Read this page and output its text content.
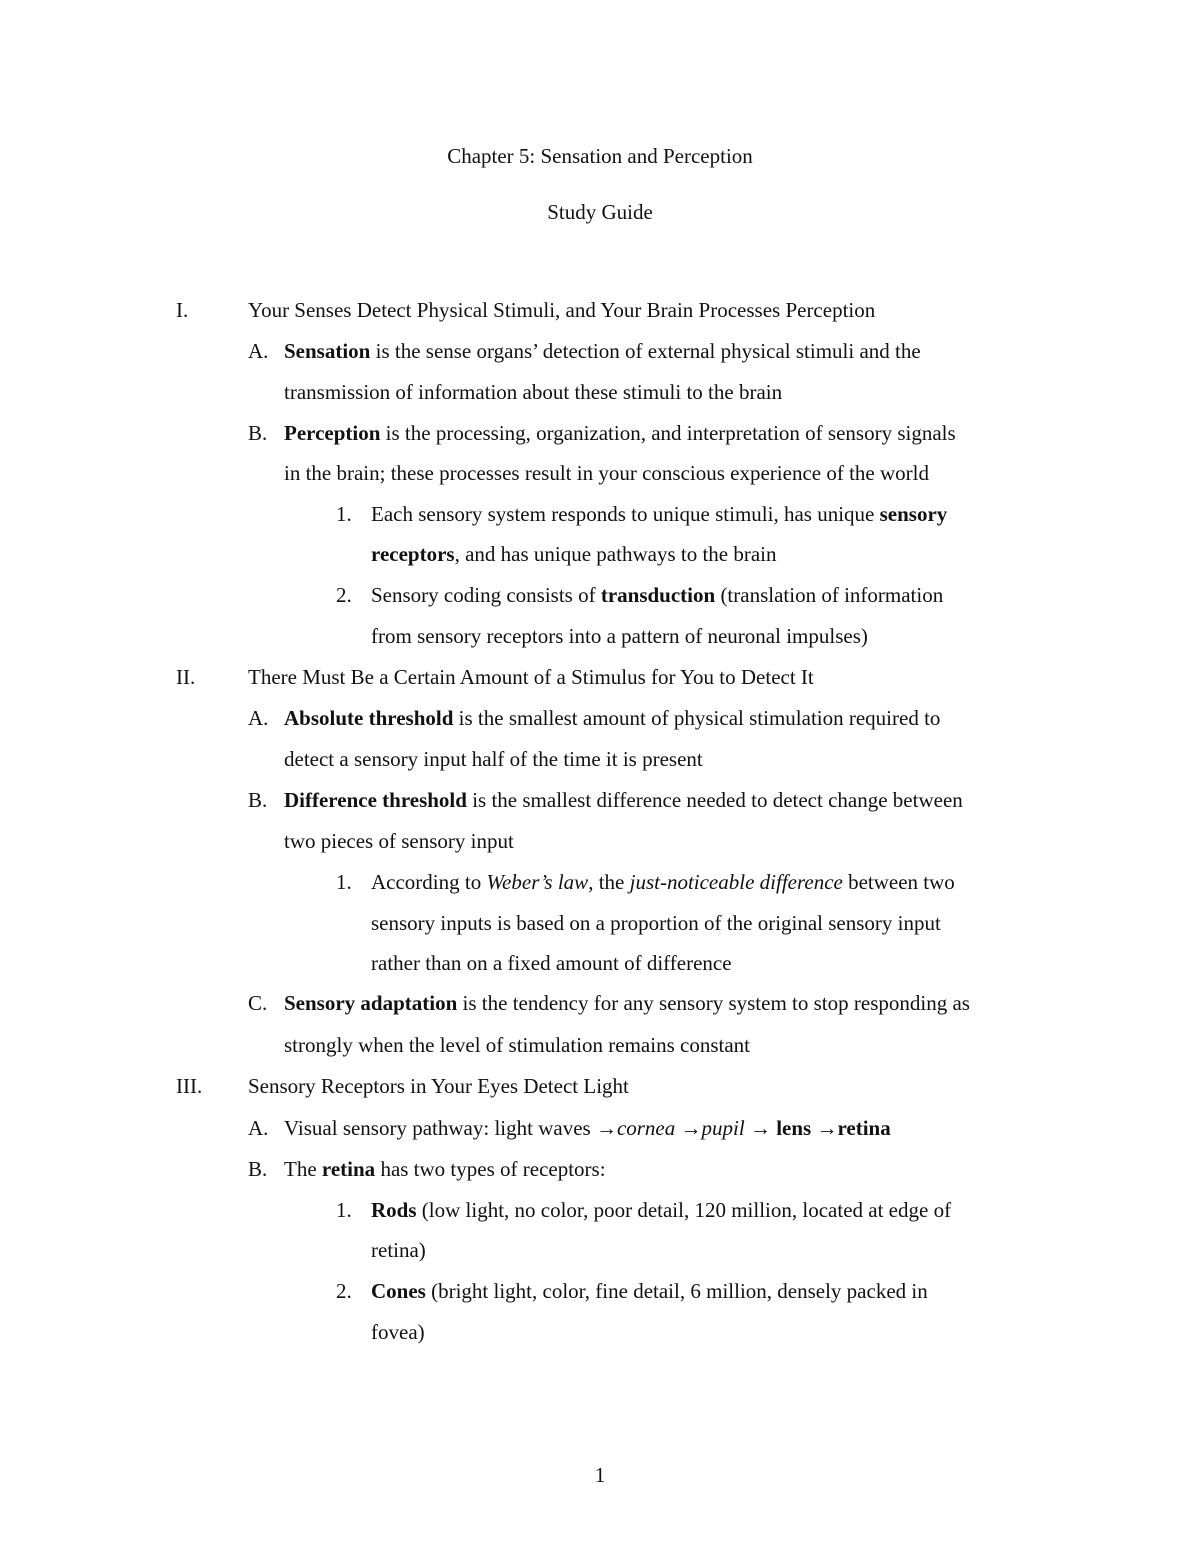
Chapter 5: Sensation and Perception
Study Guide
I.	Your Senses Detect Physical Stimuli, and Your Brain Processes Perception
A. Sensation is the sense organs’ detection of external physical stimuli and the
transmission of information about these stimuli to the brain
B. Perception is the processing, organization, and interpretation of sensory signals
in the brain; these processes result in your conscious experience of the world
1. Each sensory system responds to unique stimuli, has unique sensory
receptors, and has unique pathways to the brain
2. Sensory coding consists of transduction (translation of information
from sensory receptors into a pattern of neuronal impulses)
II.	There Must Be a Certain Amount of a Stimulus for You to Detect It
A. Absolute threshold is the smallest amount of physical stimulation required to
detect a sensory input half of the time it is present
B. Difference threshold is the smallest difference needed to detect change between
two pieces of sensory input
1. According to Weber’s law, the just-noticeable difference between two
sensory inputs is based on a proportion of the original sensory input
rather than on a fixed amount of difference
C. Sensory adaptation is the tendency for any sensory system to stop responding as
strongly when the level of stimulation remains constant
III. Sensory Receptors in Your Eyes Detect Light
A. Visual sensory pathway: light waves →cornea →pupil → lens →retina
B. The retina has two types of receptors:
1. Rods (low light, no color, poor detail, 120 million, located at edge of
retina)
2. Cones (bright light, color, fine detail, 6 million, densely packed in
fovea)
1
